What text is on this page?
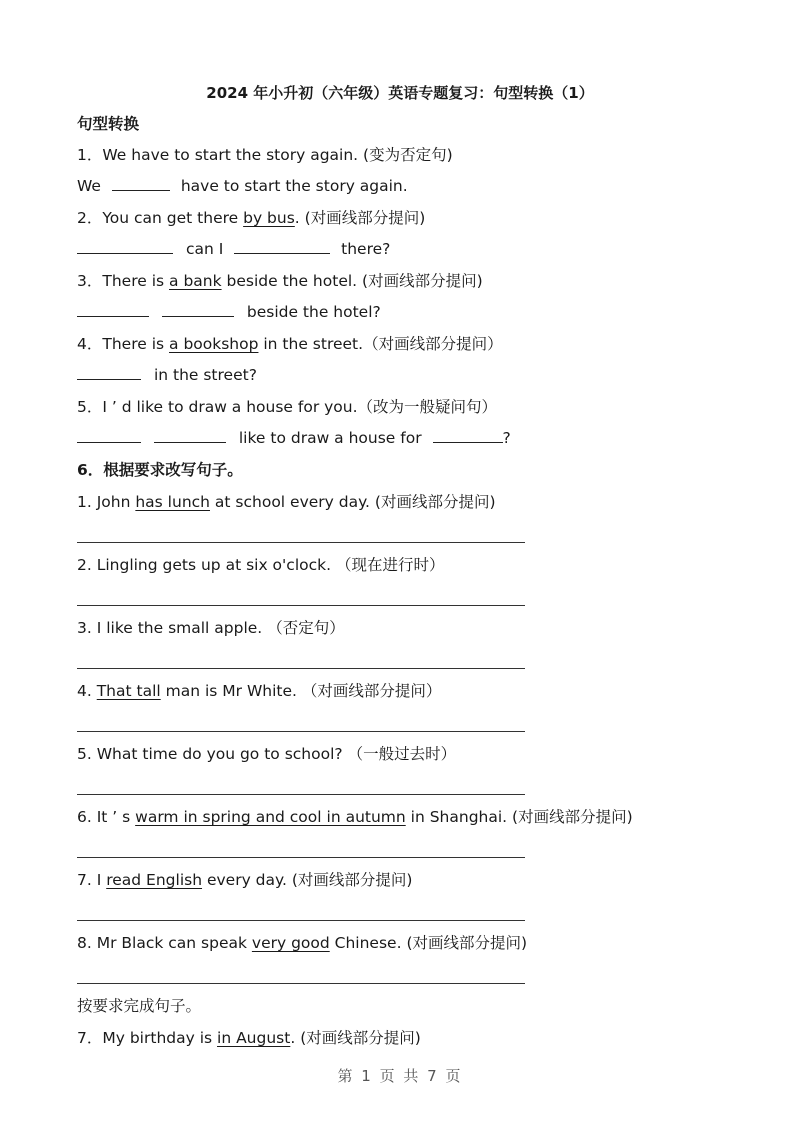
2024 年小升初（六年级）英语专题复习：句型转换（1）
句型转换
1．We have to start the story again. (变为否定句)
We	have to start the story again.
2．You can get there by bus. (对画线部分提问)
can I	there?
3．There is a bank beside the hotel. (对画线部分提问)
beside the hotel?
4．There is a bookshop in the street.（对画线部分提问）
in the street?
5．I ’ d like to draw a house for you.（改为一般疑问句）
like to draw a house for	?
6．根据要求改写句子。
1. John has lunch at school every day. (对画线部分提问)
2. Lingling gets up at six o'clock. （现在进行时）
3. I like the small apple. （否定句）
4. That tall man is Mr White. （对画线部分提问）
5. What time do you go to school? （一般过去时）
6. It ’ s warm in spring and cool in autumn in Shanghai. (对画线部分提问)
7. I read English every day. (对画线部分提问)
8. Mr Black can speak very good Chinese. (对画线部分提问)
按要求完成句子。
7．My birthday is in August. (对画线部分提问)
第 1 页 共 7 页
